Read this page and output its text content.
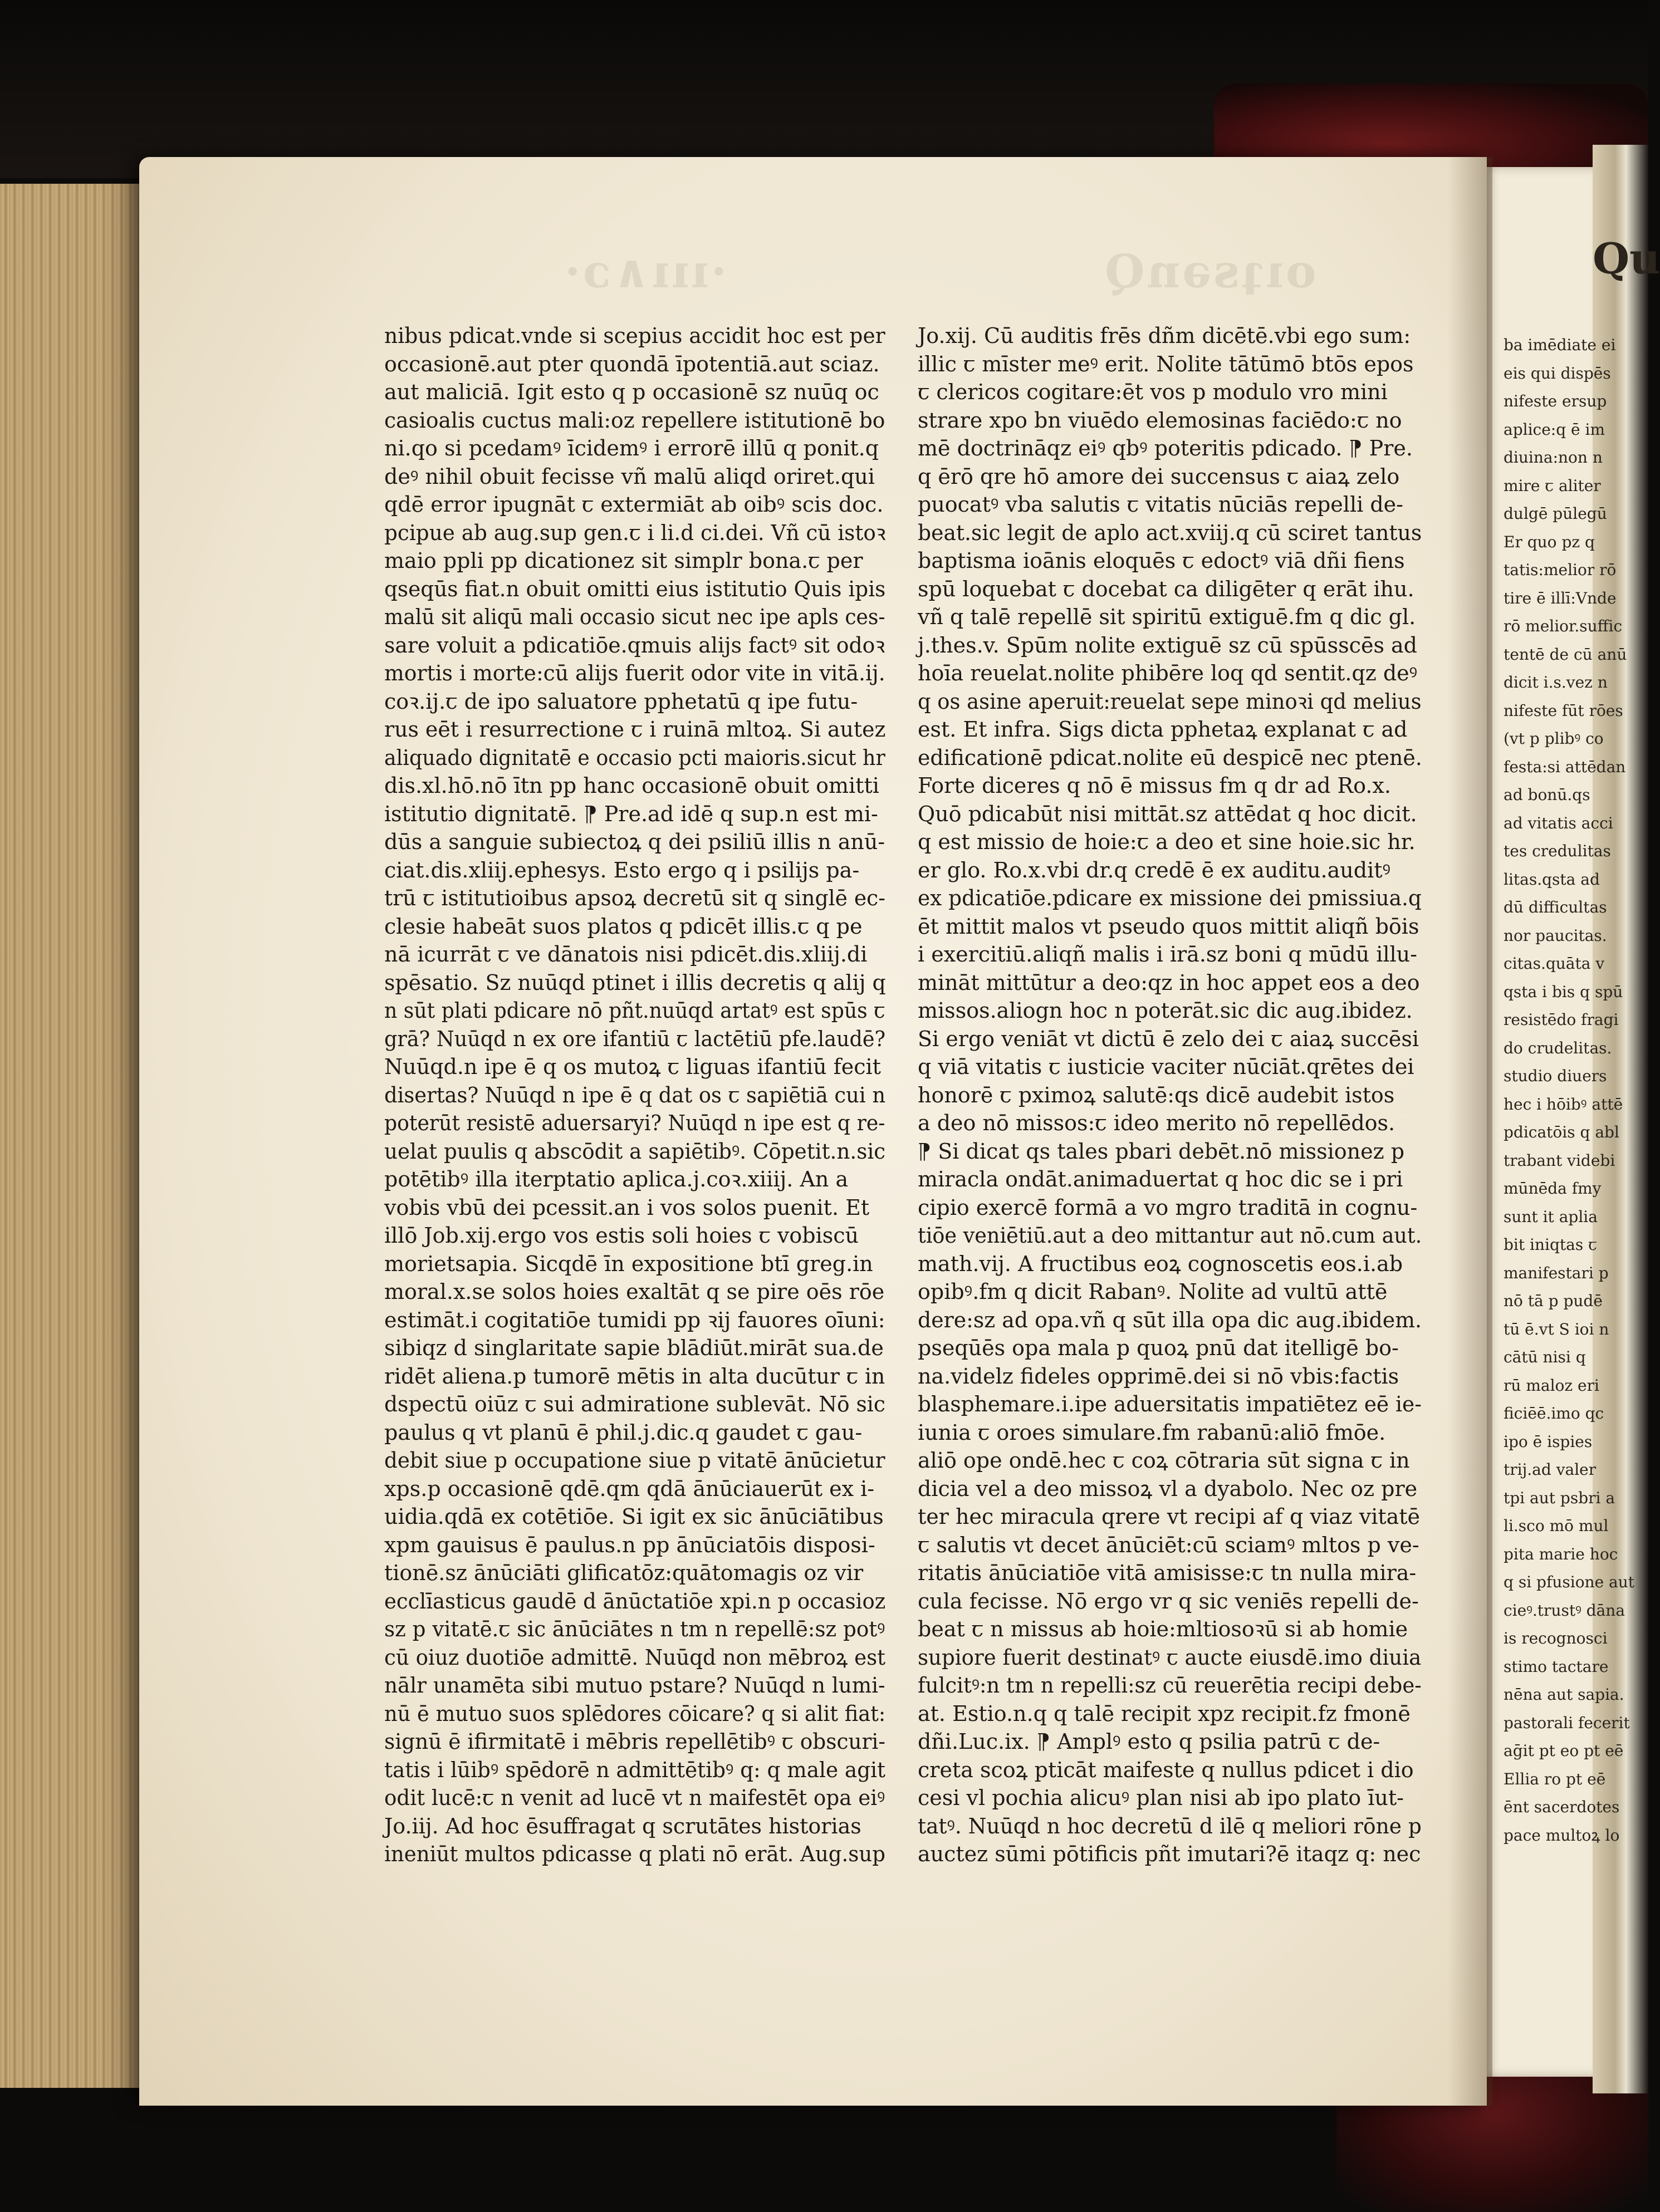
Qu
ba imēdiate ei
eis qui dispēs
nifeste ersup
aplice:q ē im
diuina:non n
mire ꞇ aliter
dulgē pūlegū
Er quo pz q
tatis:melior rō
tire ē illī:Vnde
rō melior.suffic
tentē de cū anū
dicit i.s.vez n
nifeste fūt rōes
(vt p plibꝰ co
festa:si attēdan
ad bonū.qs
ad vitatis acci
tes credulitas
litas.qsta ad
dū difficultas
nor paucitas.
citas.quāta v
qsta i bis q spū
resistēdo fragi
do crudelitas.
studio diuers
hec i hōibꝰ attē
pdicatōis q abl
trabant videbi
mūnēda fmy
sunt it aplia
bit iniqtas ꞇ
manifestari p
nō tā p pudē
tū ē.vt S ioi n
cātū nisi q
rū maloz eri
ficiēē.imo qc
ipo ē ispies
trij.ad valer
tpi aut psbri a
li.sco mō mul
pita marie hoc
q si pfusione aut
cieꝰ.trustꝰ dāna
is recognosci
stimo tactare
nēna aut sapia.
pastorali fecerit
aḡit pt eo pt eē
Ellia ro pt eē
ēnt sacerdotes
pace multoꝝ lo
·ııı∧ɔ·	oıʇsǝnQ
nibus pdicat.vnde si scepius accidit hoc est per
occasionē.aut pter quondā īpotentiā.aut sciaz.
aut maliciā. Igit esto q p occasionē sz nuūq oc
casioalis cuctus mali:oz repellere istitutionē bo
ni.qo si pcedamꝰ īcidemꝰ i errorē illū q ponit.q
deꝰ nihil obuit fecisse vñ malū aliqd oriret.qui
qdē error ipugnāt ꞇ extermiāt ab oibꝰ scis doc.
pcipue ab aug.sup gen.ꞇ i li.d ci.dei. Vñ cū istoꝛ
maio ppli pp dicationez sit simplr bona.ꞇ per
qseqūs fiat.n obuit omitti eius istitutio Quis ipis
malū sit aliqū mali occasio sicut nec ipe apls ces-
sare voluit a pdicatiōe.qmuis alijs factꝰ sit odoꝛ
mortis i morte:cū alijs fuerit odor vite in vitā.ij.
coꝛ.ij.ꞇ de ipo saluatore pphetatū q ipe futu-
rus eēt i resurrectione ꞇ i ruinā mltoꝝ. Si autez
aliquado dignitatē e occasio pcti maioris.sicut hr
dis.xl.hō.nō ītn pp hanc occasionē obuit omitti
istitutio dignitatē. ⁋ Pre.ad idē q sup.n est mi-
dūs a sanguie subiectoꝝ q dei psiliū illis n anū-
ciat.dis.xliij.ephesys. Esto ergo q i psilijs pa-
trū ꞇ istitutioibus apsoꝝ decretū sit q singlē ec-
clesie habeāt suos platos q pdicēt illis.ꞇ q pe
nā icurrāt ꞇ ve dānatois nisi pdicēt.dis.xliij.di
spēsatio. Sz nuūqd ptinet i illis decretis q alij q
n sūt plati pdicare nō pñt.nuūqd artatꝰ est spūs ꞇ
grā? Nuūqd n ex ore ifantiū ꞇ lactētiū pfe.laudē?
Nuūqd.n ipe ē q os mutoꝝ ꞇ liguas ifantiū fecit
disertas? Nuūqd n ipe ē q dat os ꞇ sapiētiā cui n
poterūt resistē aduersaryi? Nuūqd n ipe est q re-
uelat puulis q abscōdit a sapiētibꝰ. Cōpetit.n.sic
potētibꝰ illa iterptatio aplica.j.coꝛ.xiiij. An a
vobis vbū dei pcessit.an i vos solos puenit. Et
illō Job.xij.ergo vos estis soli hoies ꞇ vobiscū
morietsapia. Sicqdē īn expositione btī greg.in
moral.x.se solos hoies exaltāt q se pire oēs rōe
estimāt.i cogitatiōe tumidi pp ꝛij fauores oīuni:
sibiqz d singlaritate sapie blādiūt.mirāt sua.de
ridēt aliena.p tumorē mētis in alta ducūtur ꞇ in
dspectū oiūz ꞇ sui admiratione sublevāt. Nō sic
paulus q vt planū ē phil.j.dic.q gaudet ꞇ gau-
debit siue p occupatione siue p vitatē ānūcietur
xps.p occasionē qdē.qm qdā ānūciauerūt ex i-
uidia.qdā ex cotētiōe. Si igit ex sic ānūciātibus
xpm gauisus ē paulus.n pp ānūciatōis disposi-
tionē.sz ānūciāti glificatōz:quātomagis oz vir
ecclīasticus gaudē d ānūctatiōe xpi.n p occasioz
sz p vitatē.ꞇ sic ānūciātes n tm n repellē:sz potꝰ
cū oiuz duotiōe admittē. Nuūqd non mēbroꝝ est
nālr unamēta sibi mutuo pstare? Nuūqd n lumi-
nū ē mutuo suos splēdores cōicare? q si alit fiat:
signū ē ifirmitatē i mēbris repellētibꝰ ꞇ obscuri-
tatis i lūibꝰ spēdorē n admittētibꝰ q: q male agit
odit lucē:ꞇ n venit ad lucē vt n maifestēt opa eiꝰ
Jo.iij. Ad hoc ēsuffragat q scrutātes historias
ineniūt multos pdicasse q plati nō erāt. Aug.sup
Jo.xij. Cū auditis frēs dñm dicētē.vbi ego sum:
illic ꞇ mīster meꝰ erit. Nolite tātūmō btōs epos
ꞇ clericos cogitare:ēt vos p modulo vro mini
strare xpo bn viuēdo elemosinas faciēdo:ꞇ no
mē doctrināqz eiꝰ qbꝰ poteritis pdicado. ⁋ Pre.
q ērō qre hō amore dei succensus ꞇ aiaꝝ zelo
puocatꝰ vba salutis ꞇ vitatis nūciās repelli de-
beat.sic legit de aplo act.xviij.q cū sciret tantus
baptisma ioānis eloquēs ꞇ edoctꝰ viā dñi fiens
spū loquebat ꞇ docebat ca diligēter q erāt ihu.
vñ q talē repellē sit spiritū extiguē.fm q dic gl.
j.thes.v. Spūm nolite extiguē sz cū spūsscēs ad
hoīa reuelat.nolite phibēre loq qd sentit.qz deꝰ
q os asine aperuit:reuelat sepe minoꝛi qd melius
est. Et infra. Sigs dicta pphetaꝝ explanat ꞇ ad
edificationē pdicat.nolite eū despicē nec ptenē.
Forte diceres q nō ē missus fm q dr ad Ro.x.
Quō pdicabūt nisi mittāt.sz attēdat q hoc dicit.
q est missio de hoie:ꞇ a deo et sine hoie.sic hr.
er glo. Ro.x.vbi dr.q credē ē ex auditu.auditꝰ
ex pdicatiōe.pdicare ex missione dei pmissiua.q
ēt mittit malos vt pseudo quos mittit aliqñ bōis
i exercitiū.aliqñ malis i irā.sz boni q mūdū illu-
mināt mittūtur a deo:qz in hoc appet eos a deo
missos.aliogn hoc n poterāt.sic dic aug.ibidez.
Si ergo veniāt vt dictū ē zelo dei ꞇ aiaꝝ succēsi
q viā vitatis ꞇ iusticie vaciter nūciāt.qrētes dei
honorē ꞇ pximoꝝ salutē:qs dicē audebit istos
a deo nō missos:ꞇ ideo merito nō repellēdos.
⁋ Si dicat qs tales pbari debēt.nō missionez p
miracla ondāt.animaduertat q hoc dic se i pri
cipio exercē formā a vo mgro traditā in cognu-
tiōe veniētiū.aut a deo mittantur aut nō.cum aut.
math.vij. A fructibus eoꝝ cognoscetis eos.i.ab
opibꝰ.fm q dicit Rabanꝰ. Nolite ad vultū attē
dere:sz ad opa.vñ q sūt illa opa dic aug.ibidem.
pseqūēs opa mala p quoꝝ pnū dat itelligē bo-
na.videlz fideles opprimē.dei si nō vbis:factis
blasphemare.i.ipe aduersitatis impatiētez eē ie-
iunia ꞇ oroes simulare.fm rabanū:aliō fmōe.
aliō ope ondē.hec ꞇ coꝝ cōtraria sūt signa ꞇ in
dicia vel a deo missoꝝ vl a dyabolo. Nec oz pre
ter hec miracula qrere vt recipi af q viaz vitatē
ꞇ salutis vt decet ānūciēt:cū sciamꝰ mltos p ve-
ritatis ānūciatiōe vitā amisisse:ꞇ tn nulla mira-
cula fecisse. Nō ergo vr q sic veniēs repelli de-
beat ꞇ n missus ab hoie:mltiosoꝛū si ab homie
supiore fuerit destinatꝰ ꞇ aucte eiusdē.imo diuia
fulcitꝰ:n tm n repelli:sz cū reuerētia recipi debe-
at. Estio.n.q q talē recipit xpz recipit.fz fmonē
dñi.Luc.ix. ⁋ Amplꝰ esto q psilia patrū ꞇ de-
creta scoꝝ pticāt maifeste q nullus pdicet i dio
cesi vl pochia alicuꝰ plan nisi ab ipo plato īut-
tatꝰ. Nuūqd n hoc decretū d ilē q meliori rōne p
auctez sūmi pōtificis pñt imutari?ē itaqz q: nec
